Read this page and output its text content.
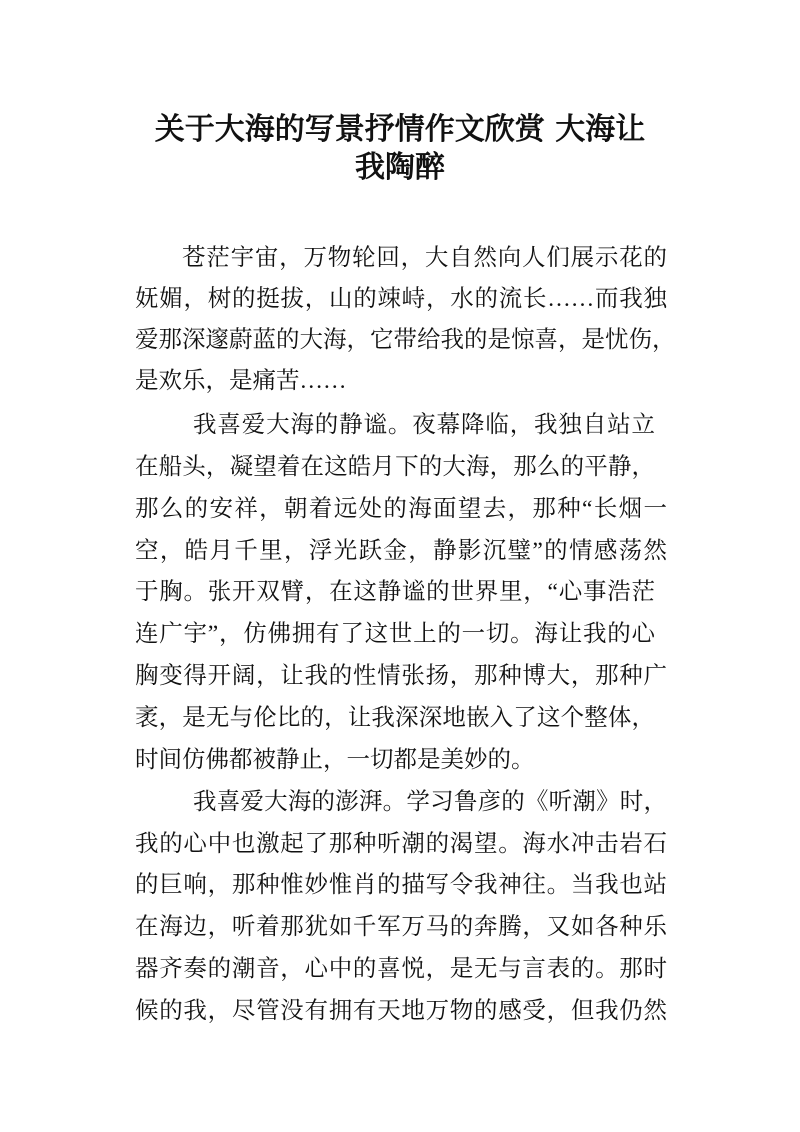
关于大海的写景抒情作文欣赏 大海让
我陶醉
苍茫宇宙，万物轮回，大自然向人们展示花的
妩媚，树的挺拔，山的竦峙，水的流长……而我独
爱那深邃蔚蓝的大海，它带给我的是惊喜，是忧伤，
是欢乐，是痛苦……
我喜爱大海的静谧。夜幕降临，我独自站立
在船头，凝望着在这皓月下的大海，那么的平静，
那么的安祥，朝着远处的海面望去，那种“长烟一
空，皓月千里，浮光跃金，静影沉璧”的情感荡然
于胸。张开双臂，在这静谧的世界里，“心事浩茫
连广宇”，仿佛拥有了这世上的一切。海让我的心
胸变得开阔，让我的性情张扬，那种博大，那种广
袤，是无与伦比的，让我深深地嵌入了这个整体，
时间仿佛都被静止，一切都是美妙的。
我喜爱大海的澎湃。学习鲁彦的《听潮》时，
我的心中也激起了那种听潮的渴望。海水冲击岩石
的巨响，那种惟妙惟肖的描写令我神往。当我也站
在海边，听着那犹如千军万马的奔腾，又如各种乐
器齐奏的潮音，心中的喜悦，是无与言表的。那时
候的我，尽管没有拥有天地万物的感受，但我仍然
